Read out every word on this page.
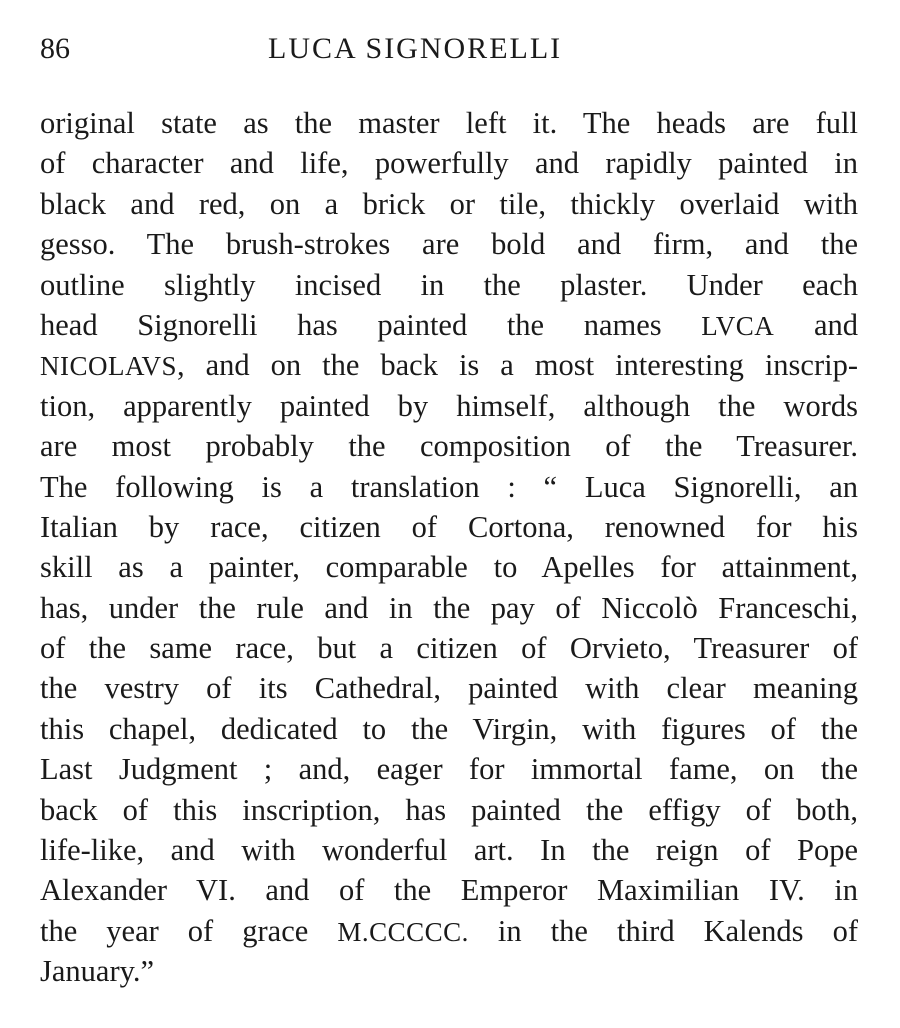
86	LUCA SIGNORELLI
original state as the master left it. The heads are full
of character and life, powerfully and rapidly painted in
black and red, on a brick or tile, thickly overlaid with
gesso. The brush-strokes are bold and firm, and the
outline slightly incised in the plaster. Under each
head Signorelli has painted the names LVCA and
NICOLAVS, and on the back is a most interesting inscrip-
tion, apparently painted by himself, although the words
are most probably the composition of the Treasurer.
The following is a translation : “ Luca Signorelli, an
Italian by race, citizen of Cortona, renowned for his
skill as a painter, comparable to Apelles for attainment,
has, under the rule and in the pay of Niccolò Franceschi,
of the same race, but a citizen of Orvieto, Treasurer of
the vestry of its Cathedral, painted with clear meaning
this chapel, dedicated to the Virgin, with figures of the
Last Judgment ; and, eager for immortal fame, on the
back of this inscription, has painted the effigy of both,
life-like, and with wonderful art. In the reign of Pope
Alexander VI. and of the Emperor Maximilian IV. in
the year of grace M.CCCCC. in the third Kalends of
January.”
